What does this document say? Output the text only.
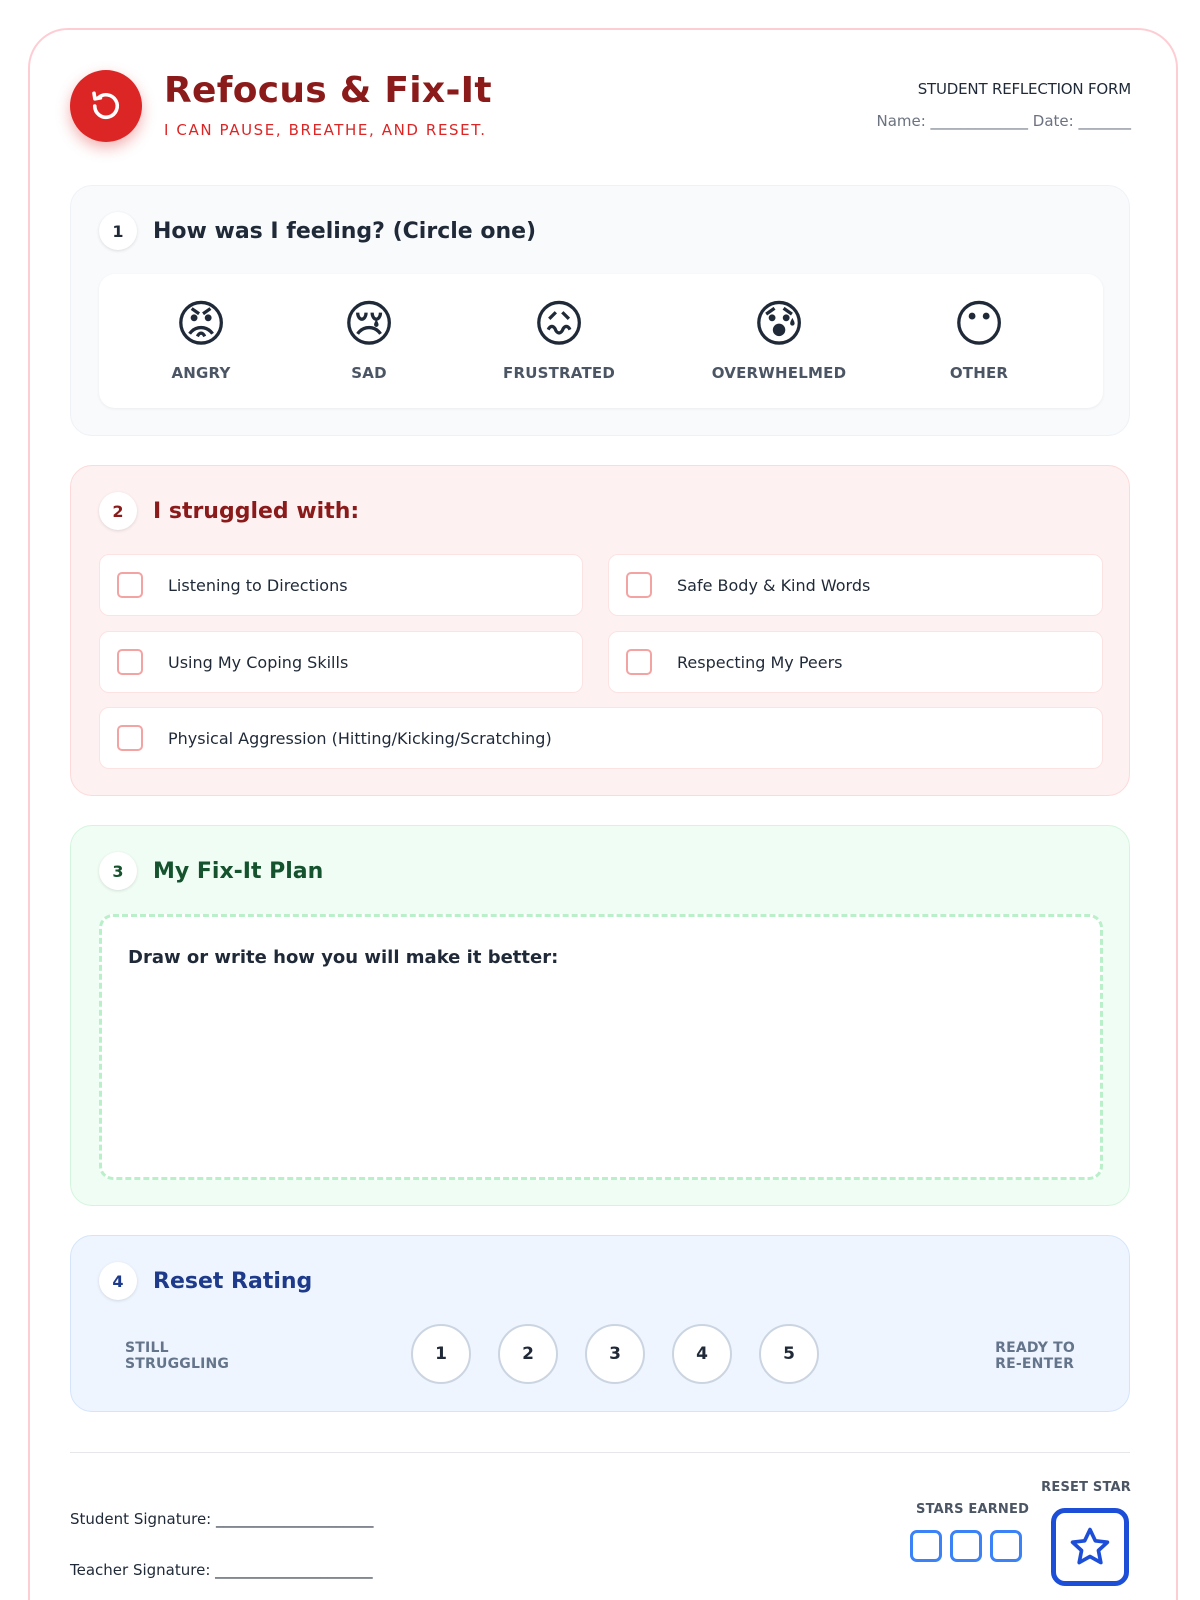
Refocus & Fix-It
I CAN PAUSE, BREATHE, AND RESET.
STUDENT REFLECTION FORM
Name: _____________ Date: _______
1	How was I feeling? (Circle one)
😡
ANGRY
😢
SAD
😖
FRUSTRATED
😰
OVERWHELMED
😶
OTHER
2	I struggled with:
Listening to Directions	Safe Body & Kind Words
Using My Coping Skills	Respecting My Peers
Physical Aggression (Hitting/Kicking/Scratching)
3	My Fix-It Plan
Draw or write how you will make it better:
4	Reset Rating
STILL
STRUGGLING	1	2	3	4	5	READY TO
RE-ENTER
Student Signature: _____________________
Teacher Signature: _____________________
STARS EARNED
RESET STAR
